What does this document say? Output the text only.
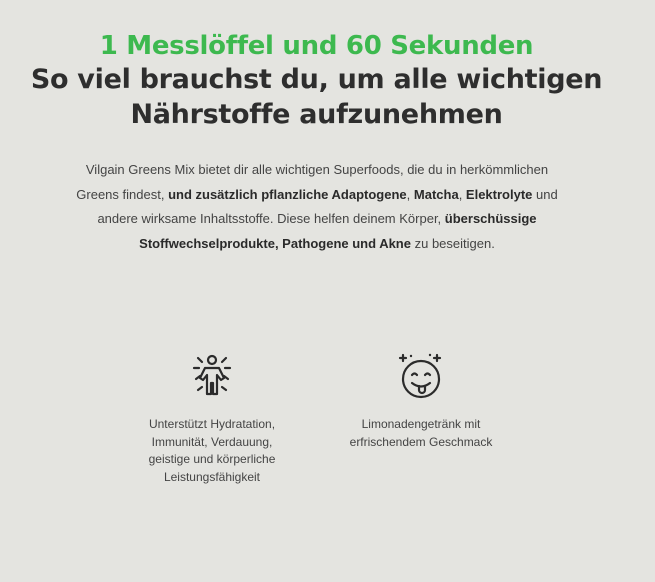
1 Messlöffel und 60 Sekunden
So viel brauchst du, um alle wichtigen
Nährstoffe aufzunehmen
Vilgain Greens Mix bietet dir alle wichtigen Superfoods, die du in herkömmlichen Greens findest, und zusätzlich pflanzliche Adaptogene, Matcha, Elektrolyte und andere wirksame Inhaltsstoffe. Diese helfen deinem Körper, überschüssige Stoffwechselprodukte, Pathogene und Akne zu beseitigen.
Unterstützt Hydratation, Immunität, Verdauung, geistige und körperliche Leistungsfähigkeit
Limonadengetränk mit erfrischendem Geschmack
